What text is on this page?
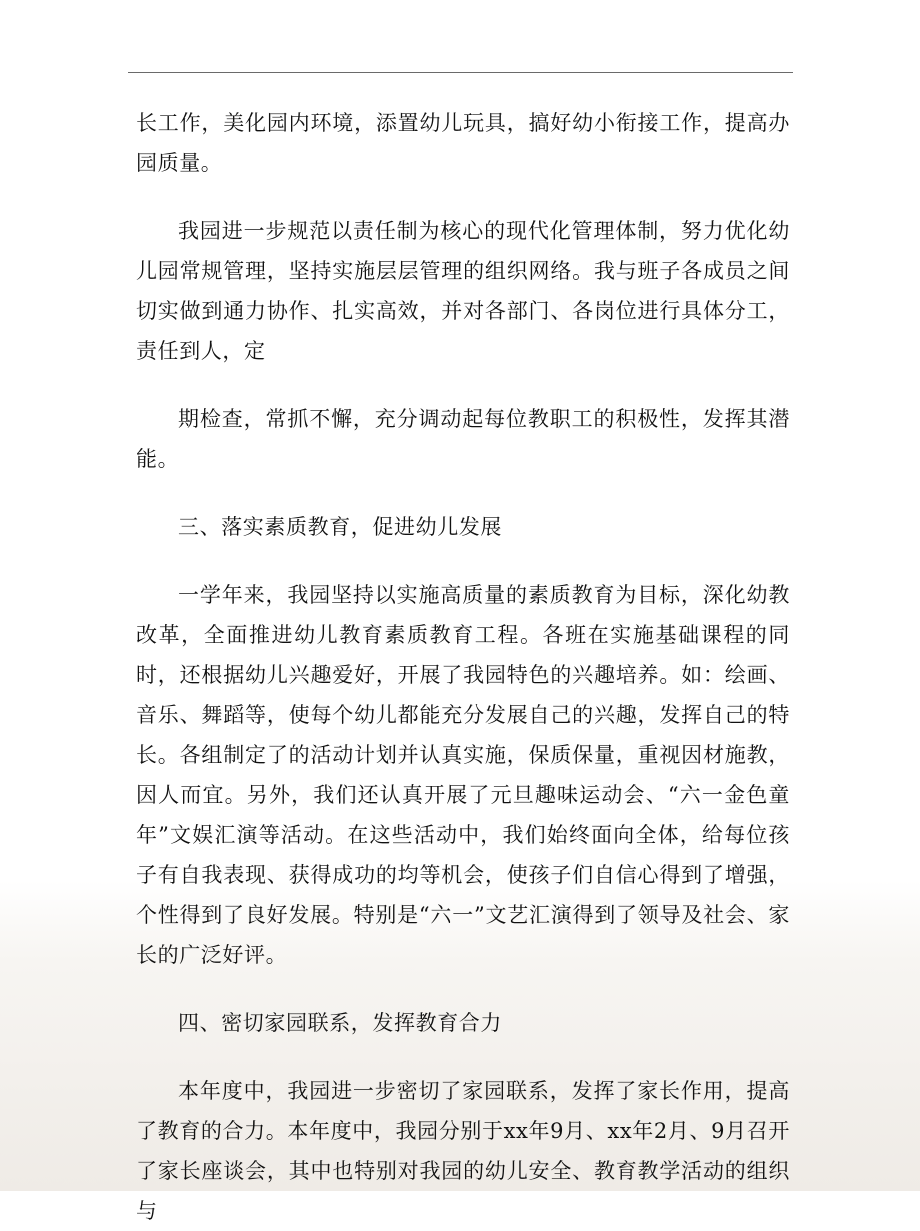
长工作，美化园内环境，添置幼儿玩具，搞好幼小衔接工作，提高办园质量。

我园进一步规范以责任制为核心的现代化管理体制，努力优化幼儿园常规管理，坚持实施层层管理的组织网络。我与班子各成员之间切实做到通力协作、扎实高效，并对各部门、各岗位进行具体分工，责任到人，定

期检查，常抓不懈，充分调动起每位教职工的积极性，发挥其潜能。

三、落实素质教育，促进幼儿发展

一学年来，我园坚持以实施高质量的素质教育为目标，深化幼教改革，全面推进幼儿教育素质教育工程。各班在实施基础课程的同时，还根据幼儿兴趣爱好，开展了我园特色的兴趣培养。如：绘画、音乐、舞蹈等，使每个幼儿都能充分发展自己的兴趣，发挥自己的特长。各组制定了的活动计划并认真实施，保质保量，重视因材施教，因人而宜。另外，我们还认真开展了元旦趣味运动会、“六一金色童年”文娱汇演等活动。在这些活动中，我们始终面向全体，给每位孩子有自我表现、获得成功的均等机会，使孩子们自信心得到了增强，个性得到了良好发展。特别是“六一”文艺汇演得到了领导及社会、家长的广泛好评。

四、密切家园联系，发挥教育合力

本年度中，我园进一步密切了家园联系，发挥了家长作用，提高了教育的合力。本年度中，我园分别于xx年9月、xx年2月、9月召开了家长座谈会，其中也特别对我园的幼儿安全、教育教学活动的组织与
